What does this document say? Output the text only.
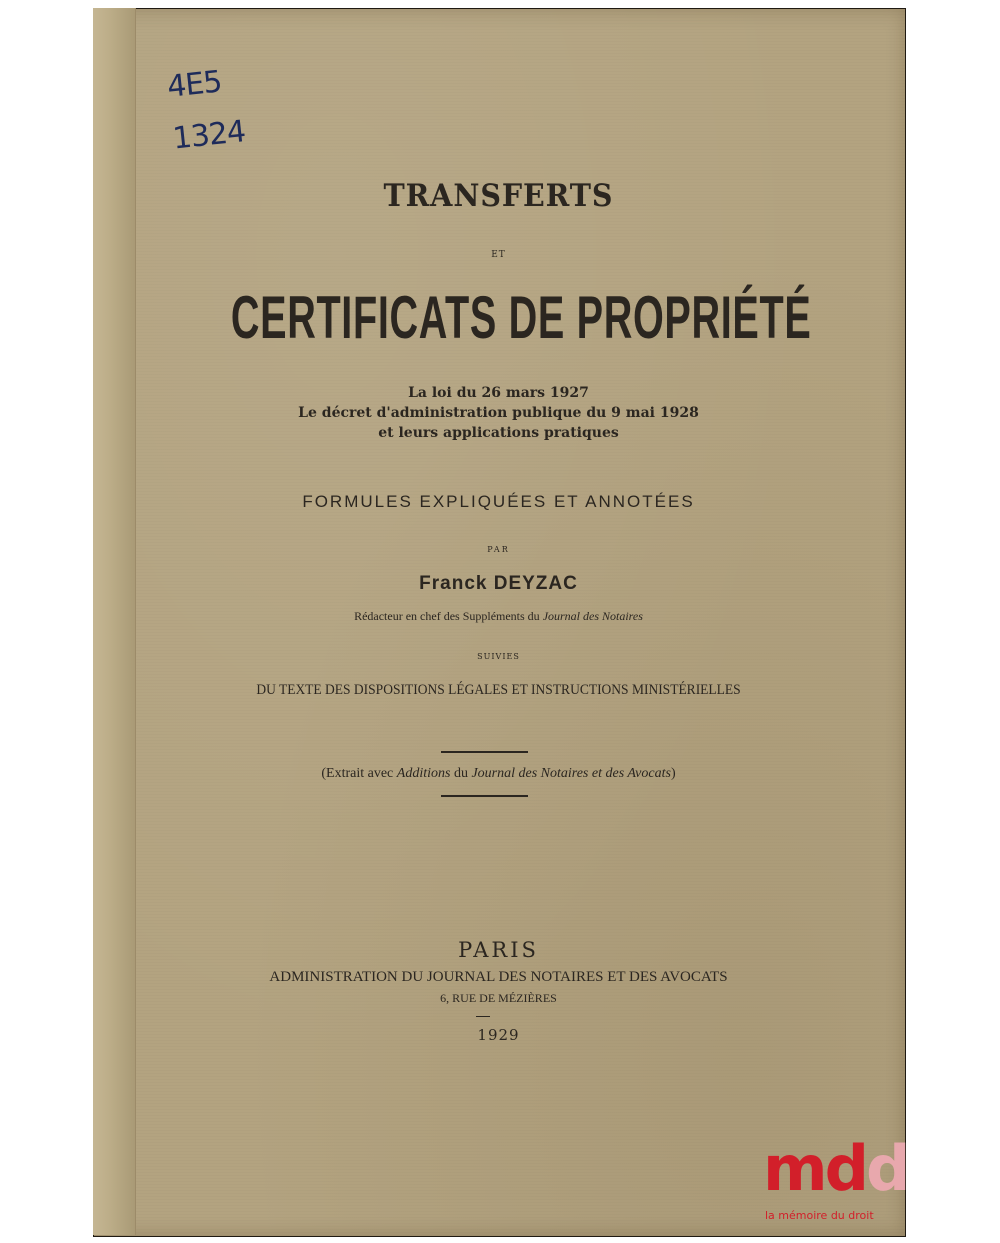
4E5
1324
TRANSFERTS
ET
CERTIFICATS DE PROPRIÉTÉ
La loi du 26 mars 1927
Le décret d'administration publique du 9 mai 1928
et leurs applications pratiques
FORMULES EXPLIQUÉES ET ANNOTÉES
PAR
Franck DEYZAC
Rédacteur en chef des Suppléments du Journal des Notaires
SUIVIES
DU TEXTE DES DISPOSITIONS LÉGALES ET INSTRUCTIONS MINISTÉRIELLES
(Extrait avec Additions du Journal des Notaires et des Avocats)
PARIS
ADMINISTRATION DU JOURNAL DES NOTAIRES ET DES AVOCATS
6, RUE DE MÉZIÈRES
1929
mdd
la mémoire du droit
